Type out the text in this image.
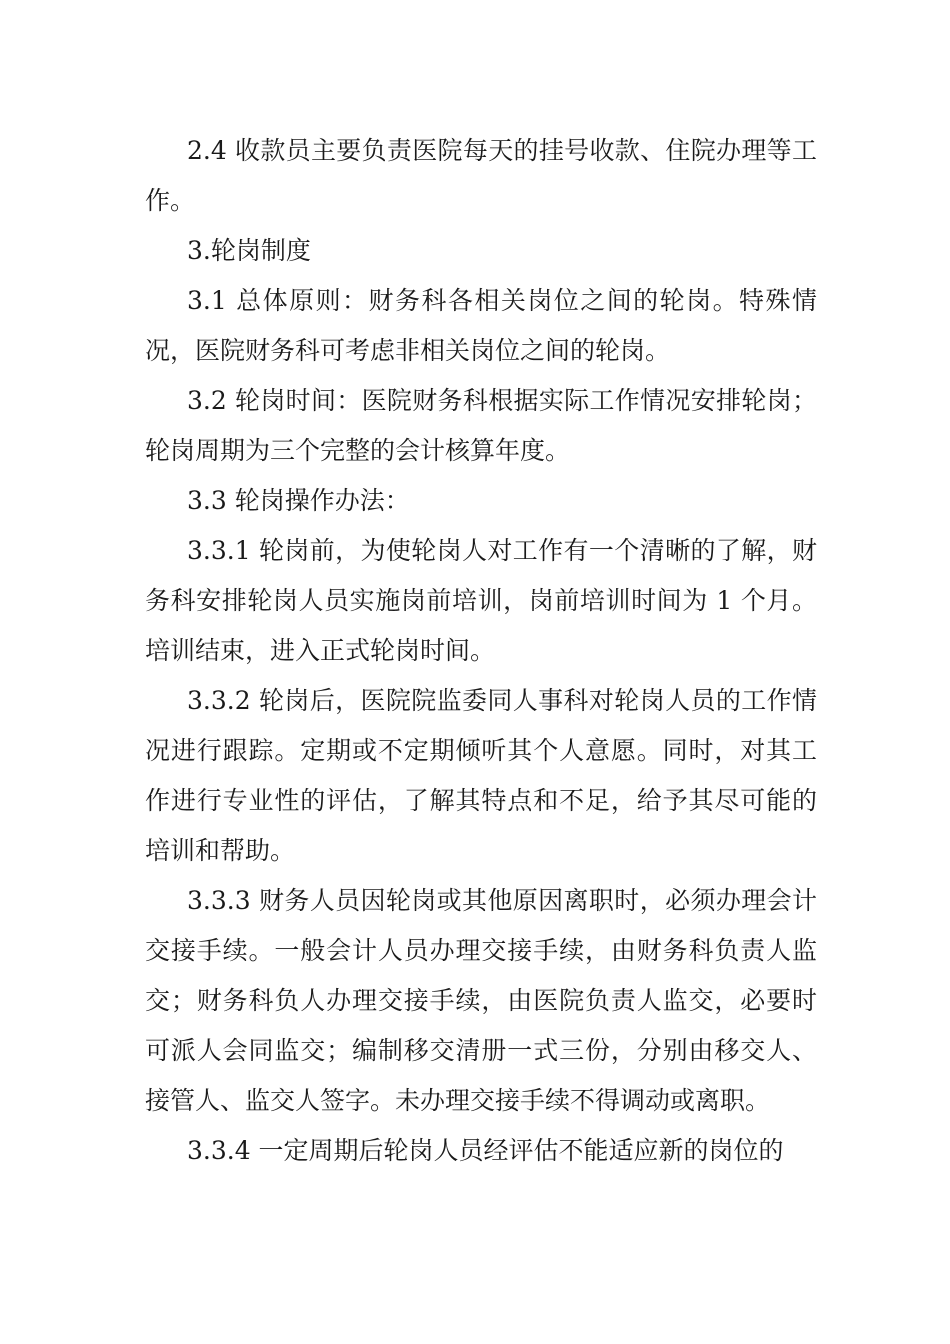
2.4 收款员主要负责医院每天的挂号收款、住院办理等工作。

3.轮岗制度

3.1 总体原则：财务科各相关岗位之间的轮岗。特殊情况，医院财务科可考虑非相关岗位之间的轮岗。

3.2 轮岗时间：医院财务科根据实际工作情况安排轮岗；轮岗周期为三个完整的会计核算年度。

3.3 轮岗操作办法：

3.3.1 轮岗前，为使轮岗人对工作有一个清晰的了解，财务科安排轮岗人员实施岗前培训，岗前培训时间为 1 个月。培训结束，进入正式轮岗时间。

3.3.2 轮岗后，医院院监委同人事科对轮岗人员的工作情况进行跟踪。定期或不定期倾听其个人意愿。同时，对其工作进行专业性的评估，了解其特点和不足，给予其尽可能的培训和帮助。

3.3.3 财务人员因轮岗或其他原因离职时，必须办理会计交接手续。一般会计人员办理交接手续，由财务科负责人监交；财务科负人办理交接手续，由医院负责人监交，必要时可派人会同监交；编制移交清册一式三份，分别由移交人、接管人、监交人签字。未办理交接手续不得调动或离职。

3.3.4 一定周期后轮岗人员经评估不能适应新的岗位的
